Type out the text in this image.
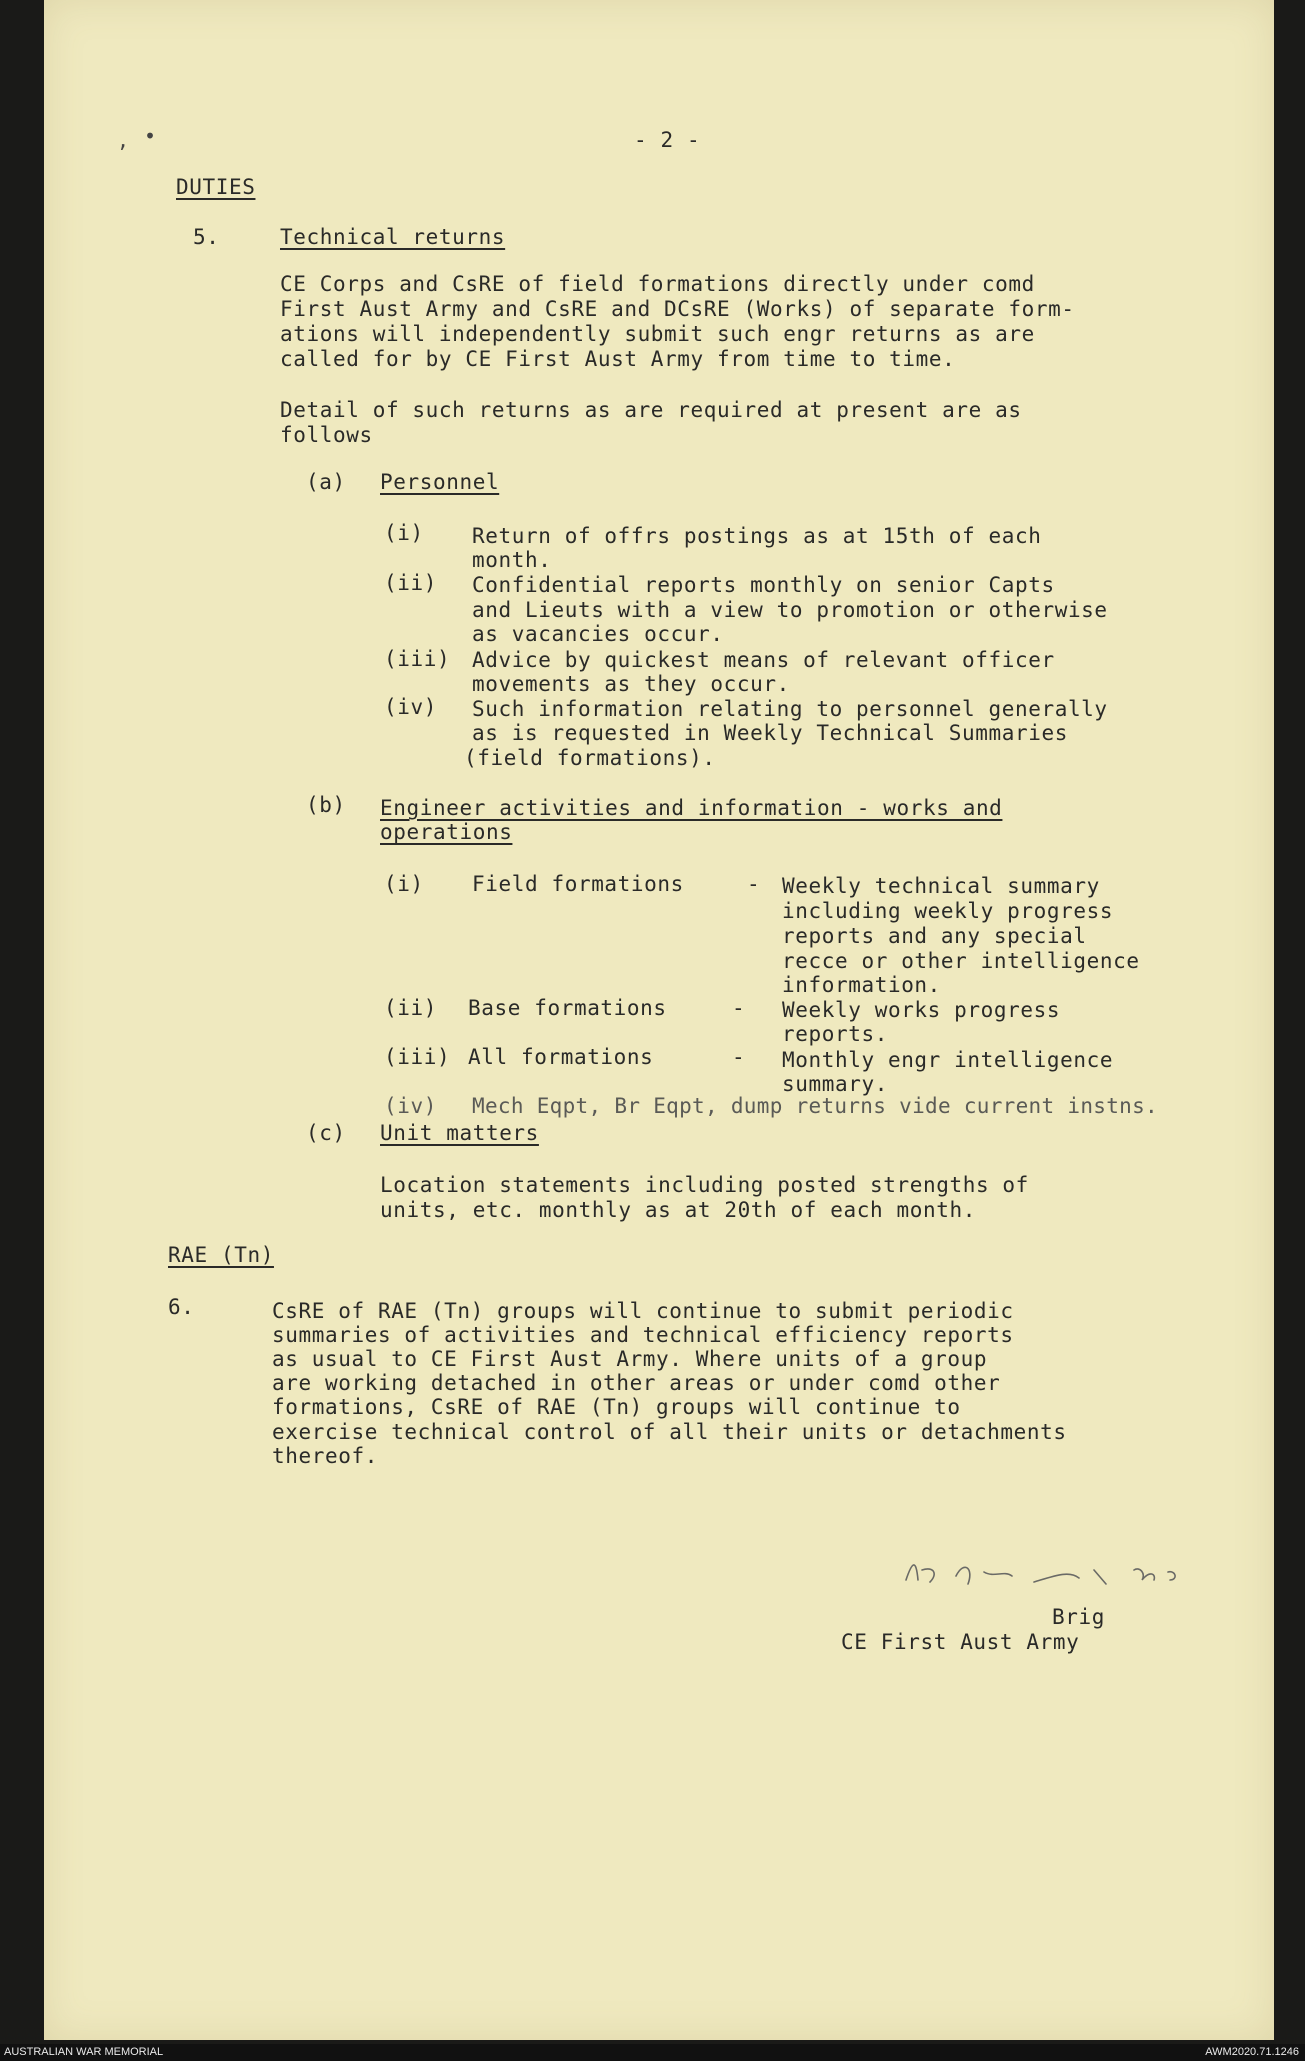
, •	- 2 -
DUTIES
5.	Technical returns
CE Corps and CsRE of field formations directly under comd
First Aust Army and CsRE and DCsRE (Works) of separate form-
ations will independently submit such engr returns as are
called for by CE First Aust Army from time to time.
Detail of such returns as are required at present are as
follows
(a) Personnel
(i) Return of offrs postings as at 15th of each
month.
(ii) Confidential reports monthly on senior Capts
and Lieuts with a view to promotion or otherwise
as vacancies occur.
(iii) Advice by quickest means of relevant officer
movements as they occur.
(iv) Such information relating to personnel generally
as is requested in Weekly Technical Summaries
(field formations).
(b) Engineer activities and information - works and
operations
(i) Field formations	- Weekly technical summary
including weekly progress
reports and any special
recce or other intelligence
information.
(ii) Base formations	- Weekly works progress
reports.
(iii) All formations	- Monthly engr intelligence
summary.
(iv) Mech Eqpt, Br Eqpt, dump returns vide current instns.
(c) Unit matters
Location statements including posted strengths of
units, etc. monthly as at 20th of each month.
RAE (Tn)
6.	CsRE of RAE (Tn) groups will continue to submit periodic
summaries of activities and technical efficiency reports
as usual to CE First Aust Army. Where units of a group
are working detached in other areas or under comd other
formations, CsRE of RAE (Tn) groups will continue to
exercise technical control of all their units or detachments
thereof.
Brig
CE First Aust Army
AUSTRALIAN WAR MEMORIAL	AWM2020.71.1246
